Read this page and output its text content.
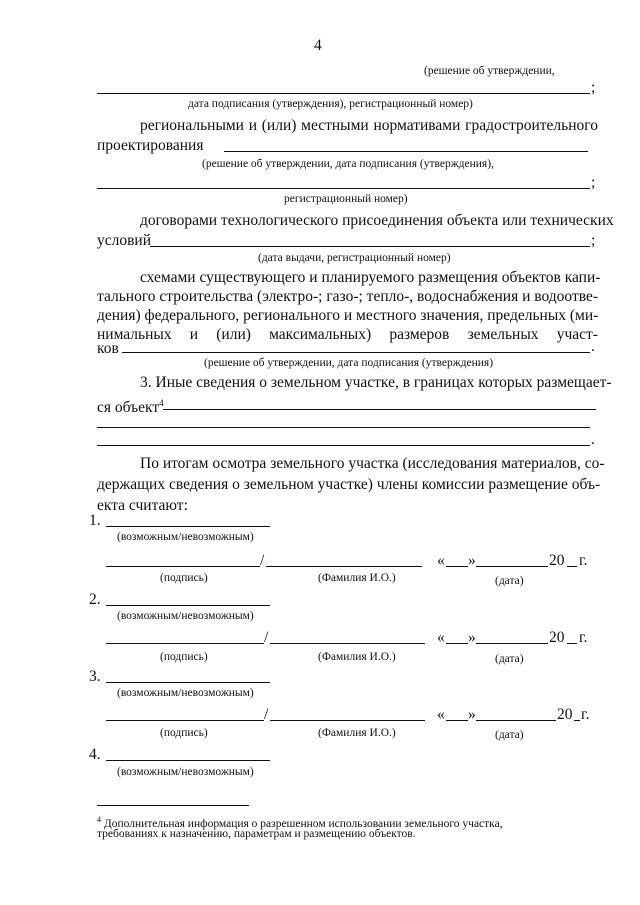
4
(решение об утверждении,
;
дата подписания (утверждения), регистрационный номер)
региональными и (или) местными нормативами градостроительного
проектирования
(решение об утверждении, дата подписания (утверждения),
;
регистрационный номер)
договорами технологического присоединения объекта или технических
условий	;
(дата выдачи, регистрационный номер)
схемами существующего и планируемого размещения объектов капи-
тального строительства (электро-; газо-; тепло-, водоснабжения и водоотве-
дения) федерального, регионального и местного значения, предельных (ми-
нимальных и (или) максимальных) размеров земельных участ-
ков	.
(решение об утверждении, дата подписания (утверждения)
3. Иные сведения о земельном участке, в границах которых размещает-
ся объект$^4$
.
По итогам осмотра земельного участка (исследования материалов, со-
держащих сведения о земельном участке) члены комиссии размещение объ-
екта считают:
1.
(возможным/невозможным)
/	« »	20 г.
(подпись)	(Фамилия И.О.)	(дата)
2.
(возможным/невозможным)
/	« »	20 г.
(подпись)	(Фамилия И.О.)	(дата)
3.
(возможным/невозможным)
/	« »	20 г.
(подпись)	(Фамилия И.О.)	(дата)
4.
(возможным/невозможным)
$^4$ Дополнительная информация о разрешенном использовании земельного участка,
требованиях к назначению, параметрам и размещению объектов.
